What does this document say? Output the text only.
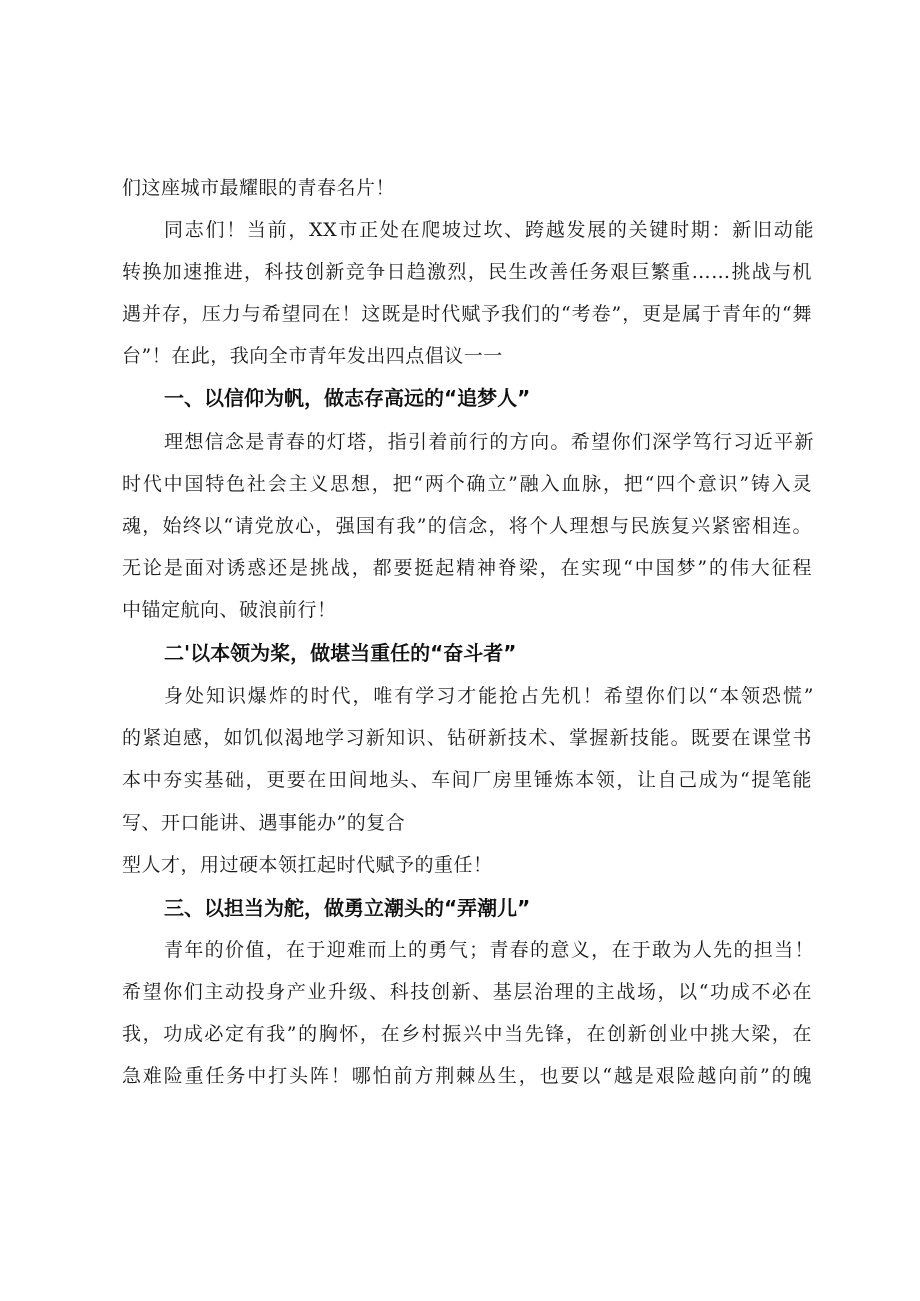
们这座城市最耀眼的青春名片！
同志们！当前，XX市正处在爬坡过坎、跨越发展的关键时期：新旧动能
转换加速推进，科技创新竞争日趋激烈，民生改善任务艰巨繁重……挑战与机
遇并存，压力与希望同在！这既是时代赋予我们的“考卷”，更是属于青年的“舞
台”！在此，我向全市青年发出四点倡议一一
一、以信仰为帆，做志存高远的“追梦人”
理想信念是青春的灯塔，指引着前行的方向。希望你们深学笃行习近平新
时代中国特色社会主义思想，把“两个确立”融入血脉，把“四个意识”铸入灵
魂，始终以“请党放心，强国有我”的信念，将个人理想与民族复兴紧密相连。
无论是面对诱惑还是挑战，都要挺起精神脊梁，在实现“中国梦”的伟大征程
中锚定航向、破浪前行！
二'以本领为桨，做堪当重任的“奋斗者”
身处知识爆炸的时代，唯有学习才能抢占先机！希望你们以“本领恐慌”
的紧迫感，如饥似渴地学习新知识、钻研新技术、掌握新技能。既要在课堂书
本中夯实基础，更要在田间地头、车间厂房里锤炼本领，让自己成为“提笔能
写、开口能讲、遇事能办”的复合
型人才，用过硬本领扛起时代赋予的重任！
三、以担当为舵，做勇立潮头的“弄潮儿”
青年的价值，在于迎难而上的勇气；青春的意义，在于敢为人先的担当！
希望你们主动投身产业升级、科技创新、基层治理的主战场，以“功成不必在
我，功成必定有我”的胸怀，在乡村振兴中当先锋，在创新创业中挑大梁，在
急难险重任务中打头阵！哪怕前方荆棘丛生，也要以“越是艰险越向前”的魄
